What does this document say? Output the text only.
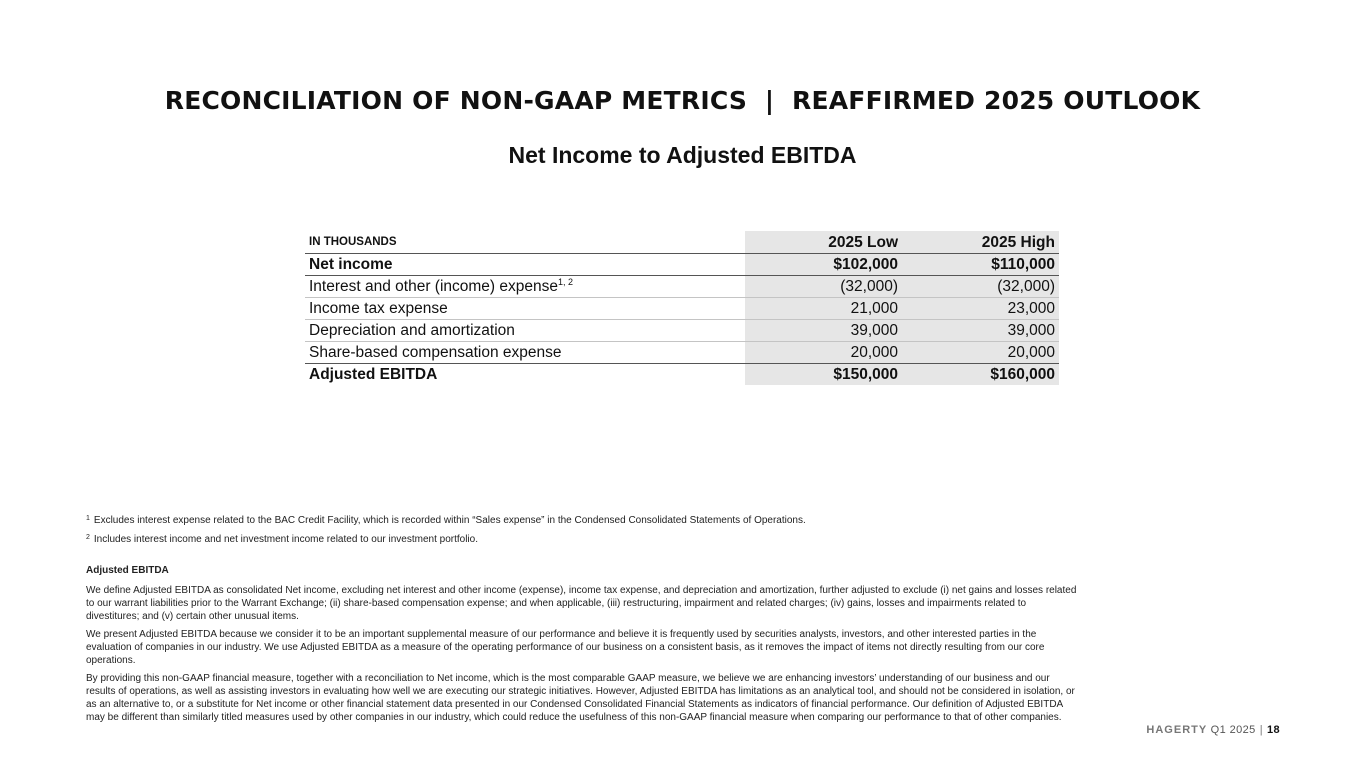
RECONCILIATION OF NON-GAAP METRICS  |  REAFFIRMED 2025 OUTLOOK
Net Income to Adjusted EBITDA
IN THOUSANDS	2025 Low	2025 High
Net income	$102,000	$110,000
Interest and other (income) expense$^{1, 2}$	(32,000)	(32,000)
Income tax expense	21,000	23,000
Depreciation and amortization	39,000	39,000
Share-based compensation expense	20,000	20,000
Adjusted EBITDA	$150,000	$160,000

$^1$ Excludes interest expense related to the BAC Credit Facility, which is recorded within “Sales expense” in the Condensed Consolidated Statements of Operations.

$^2$ Includes interest income and net investment income related to our investment portfolio.

Adjusted EBITDA

We define Adjusted EBITDA as consolidated Net income, excluding net interest and other income (expense), income tax expense, and depreciation and amortization, further adjusted to exclude (i) net gains and losses related to our warrant liabilities prior to the Warrant Exchange; (ii) share-based compensation expense; and when applicable, (iii) restructuring, impairment and related charges; (iv) gains, losses and impairments related to divestitures; and (v) certain other unusual items.

We present Adjusted EBITDA because we consider it to be an important supplemental measure of our performance and believe it is frequently used by securities analysts, investors, and other interested parties in the evaluation of companies in our industry. We use Adjusted EBITDA as a measure of the operating performance of our business on a consistent basis, as it removes the impact of items not directly resulting from our core operations.

By providing this non-GAAP financial measure, together with a reconciliation to Net income, which is the most comparable GAAP measure, we believe we are enhancing investors’ understanding of our business and our results of operations, as well as assisting investors in evaluating how well we are executing our strategic initiatives. However, Adjusted EBITDA has limitations as an analytical tool, and should not be considered in isolation, or as an alternative to, or a substitute for Net income or other financial statement data presented in our Condensed Consolidated Financial Statements as indicators of financial performance. Our definition of Adjusted EBITDA may be different than similarly titled measures used by other companies in our industry, which could reduce the usefulness of this non-GAAP financial measure when comparing our performance to that of other companies.

HAGERTY Q1 2025 | 18
